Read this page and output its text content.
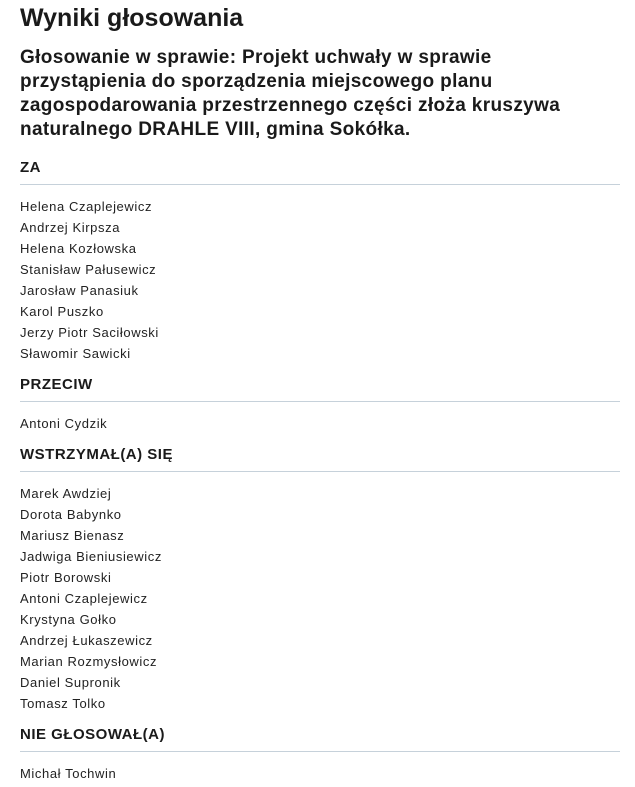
Wyniki głosowania
Głosowanie w sprawie: Projekt uchwały w sprawie przystąpienia do sporządzenia miejscowego planu zagospodarowania przestrzennego części złoża kruszywa naturalnego DRAHLE VIII, gmina Sokółka.
ZA
Helena Czaplejewicz
Andrzej Kirpsza
Helena Kozłowska
Stanisław Pałusewicz
Jarosław Panasiuk
Karol Puszko
Jerzy Piotr Saciłowski
Sławomir Sawicki
PRZECIW
Antoni Cydzik
WSTRZYMAŁ(A) SIĘ
Marek Awdziej
Dorota Babynko
Mariusz Bienasz
Jadwiga Bieniusiewicz
Piotr Borowski
Antoni Czaplejewicz
Krystyna Gołko
Andrzej Łukaszewicz
Marian Rozmysłowicz
Daniel Supronik
Tomasz Tolko
NIE GŁOSOWAŁ(A)
Michał Tochwin
